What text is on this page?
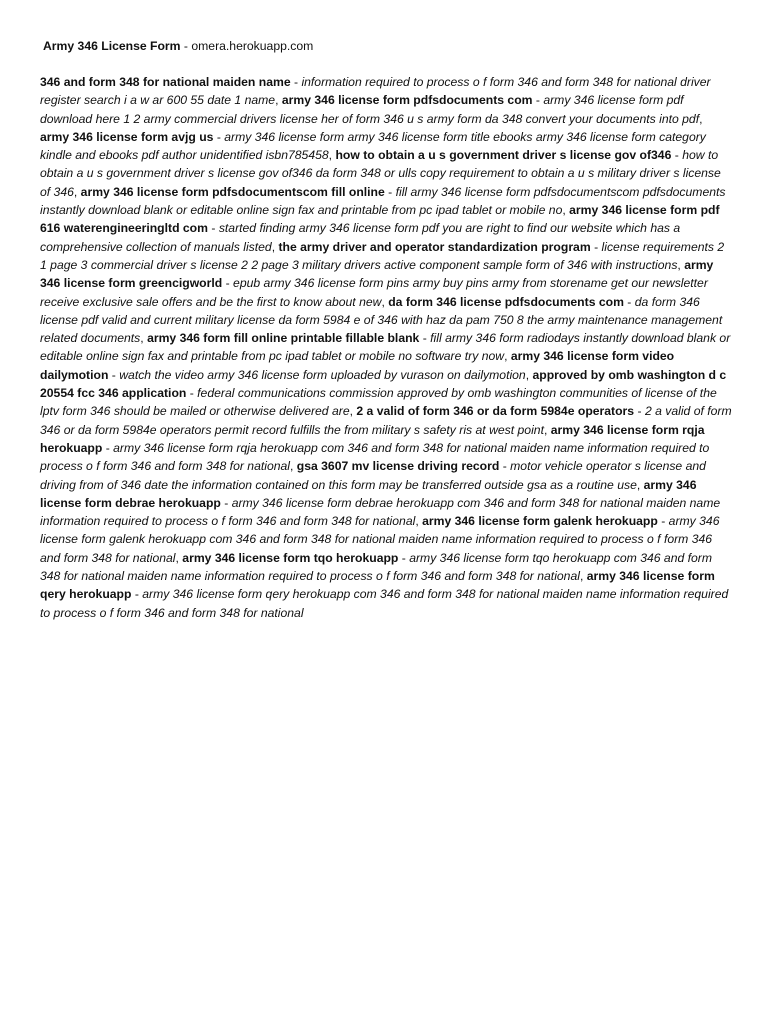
Army 346 License Form - omera.herokuapp.com
346 and form 348 for national maiden name - information required to process o f form 346 and form 348 for national driver register search i a w ar 600 55 date 1 name, army 346 license form pdfsdocuments com - army 346 license form pdf download here 1 2 army commercial drivers license her of form 346 u s army form da 348 convert your documents into pdf, army 346 license form avjg us - army 346 license form army 346 license form title ebooks army 346 license form category kindle and ebooks pdf author unidentified isbn785458, how to obtain a u s government driver s license gov of346 - how to obtain a u s government driver s license gov of346 da form 348 or ulls copy requirement to obtain a u s military driver s license of 346, army 346 license form pdfsdocumentscom fill online - fill army 346 license form pdfsdocumentscom pdfsdocuments instantly download blank or editable online sign fax and printable from pc ipad tablet or mobile no, army 346 license form pdf 616 waterengineeringltd com - started finding army 346 license form pdf you are right to find our website which has a comprehensive collection of manuals listed, the army driver and operator standardization program - license requirements 2 1 page 3 commercial driver s license 2 2 page 3 military drivers active component sample form of 346 with instructions, army 346 license form greencigworld - epub army 346 license form pins army buy pins army from storename get our newsletter receive exclusive sale offers and be the first to know about new, da form 346 license pdfsdocuments com - da form 346 license pdf valid and current military license da form 5984 e of 346 with haz da pam 750 8 the army maintenance management related documents, army 346 form fill online printable fillable blank - fill army 346 form radiodays instantly download blank or editable online sign fax and printable from pc ipad tablet or mobile no software try now, army 346 license form video dailymotion - watch the video army 346 license form uploaded by vurason on dailymotion, approved by omb washington d c 20554 fcc 346 application - federal communications commission approved by omb washington communities of license of the lptv form 346 should be mailed or otherwise delivered are, 2 a valid of form 346 or da form 5984e operators - 2 a valid of form 346 or da form 5984e operators permit record fulfills the from military s safety ris at west point, army 346 license form rqja herokuapp - army 346 license form rqja herokuapp com 346 and form 348 for national maiden name information required to process o f form 346 and form 348 for national, gsa 3607 mv license driving record - motor vehicle operator s license and driving from of 346 date the information contained on this form may be transferred outside gsa as a routine use, army 346 license form debrae herokuapp - army 346 license form debrae herokuapp com 346 and form 348 for national maiden name information required to process o f form 346 and form 348 for national, army 346 license form galenk herokuapp - army 346 license form galenk herokuapp com 346 and form 348 for national maiden name information required to process o f form 346 and form 348 for national, army 346 license form tqo herokuapp - army 346 license form tqo herokuapp com 346 and form 348 for national maiden name information required to process o f form 346 and form 348 for national, army 346 license form qery herokuapp - army 346 license form qery herokuapp com 346 and form 348 for national maiden name information required to process o f form 346 and form 348 for national
